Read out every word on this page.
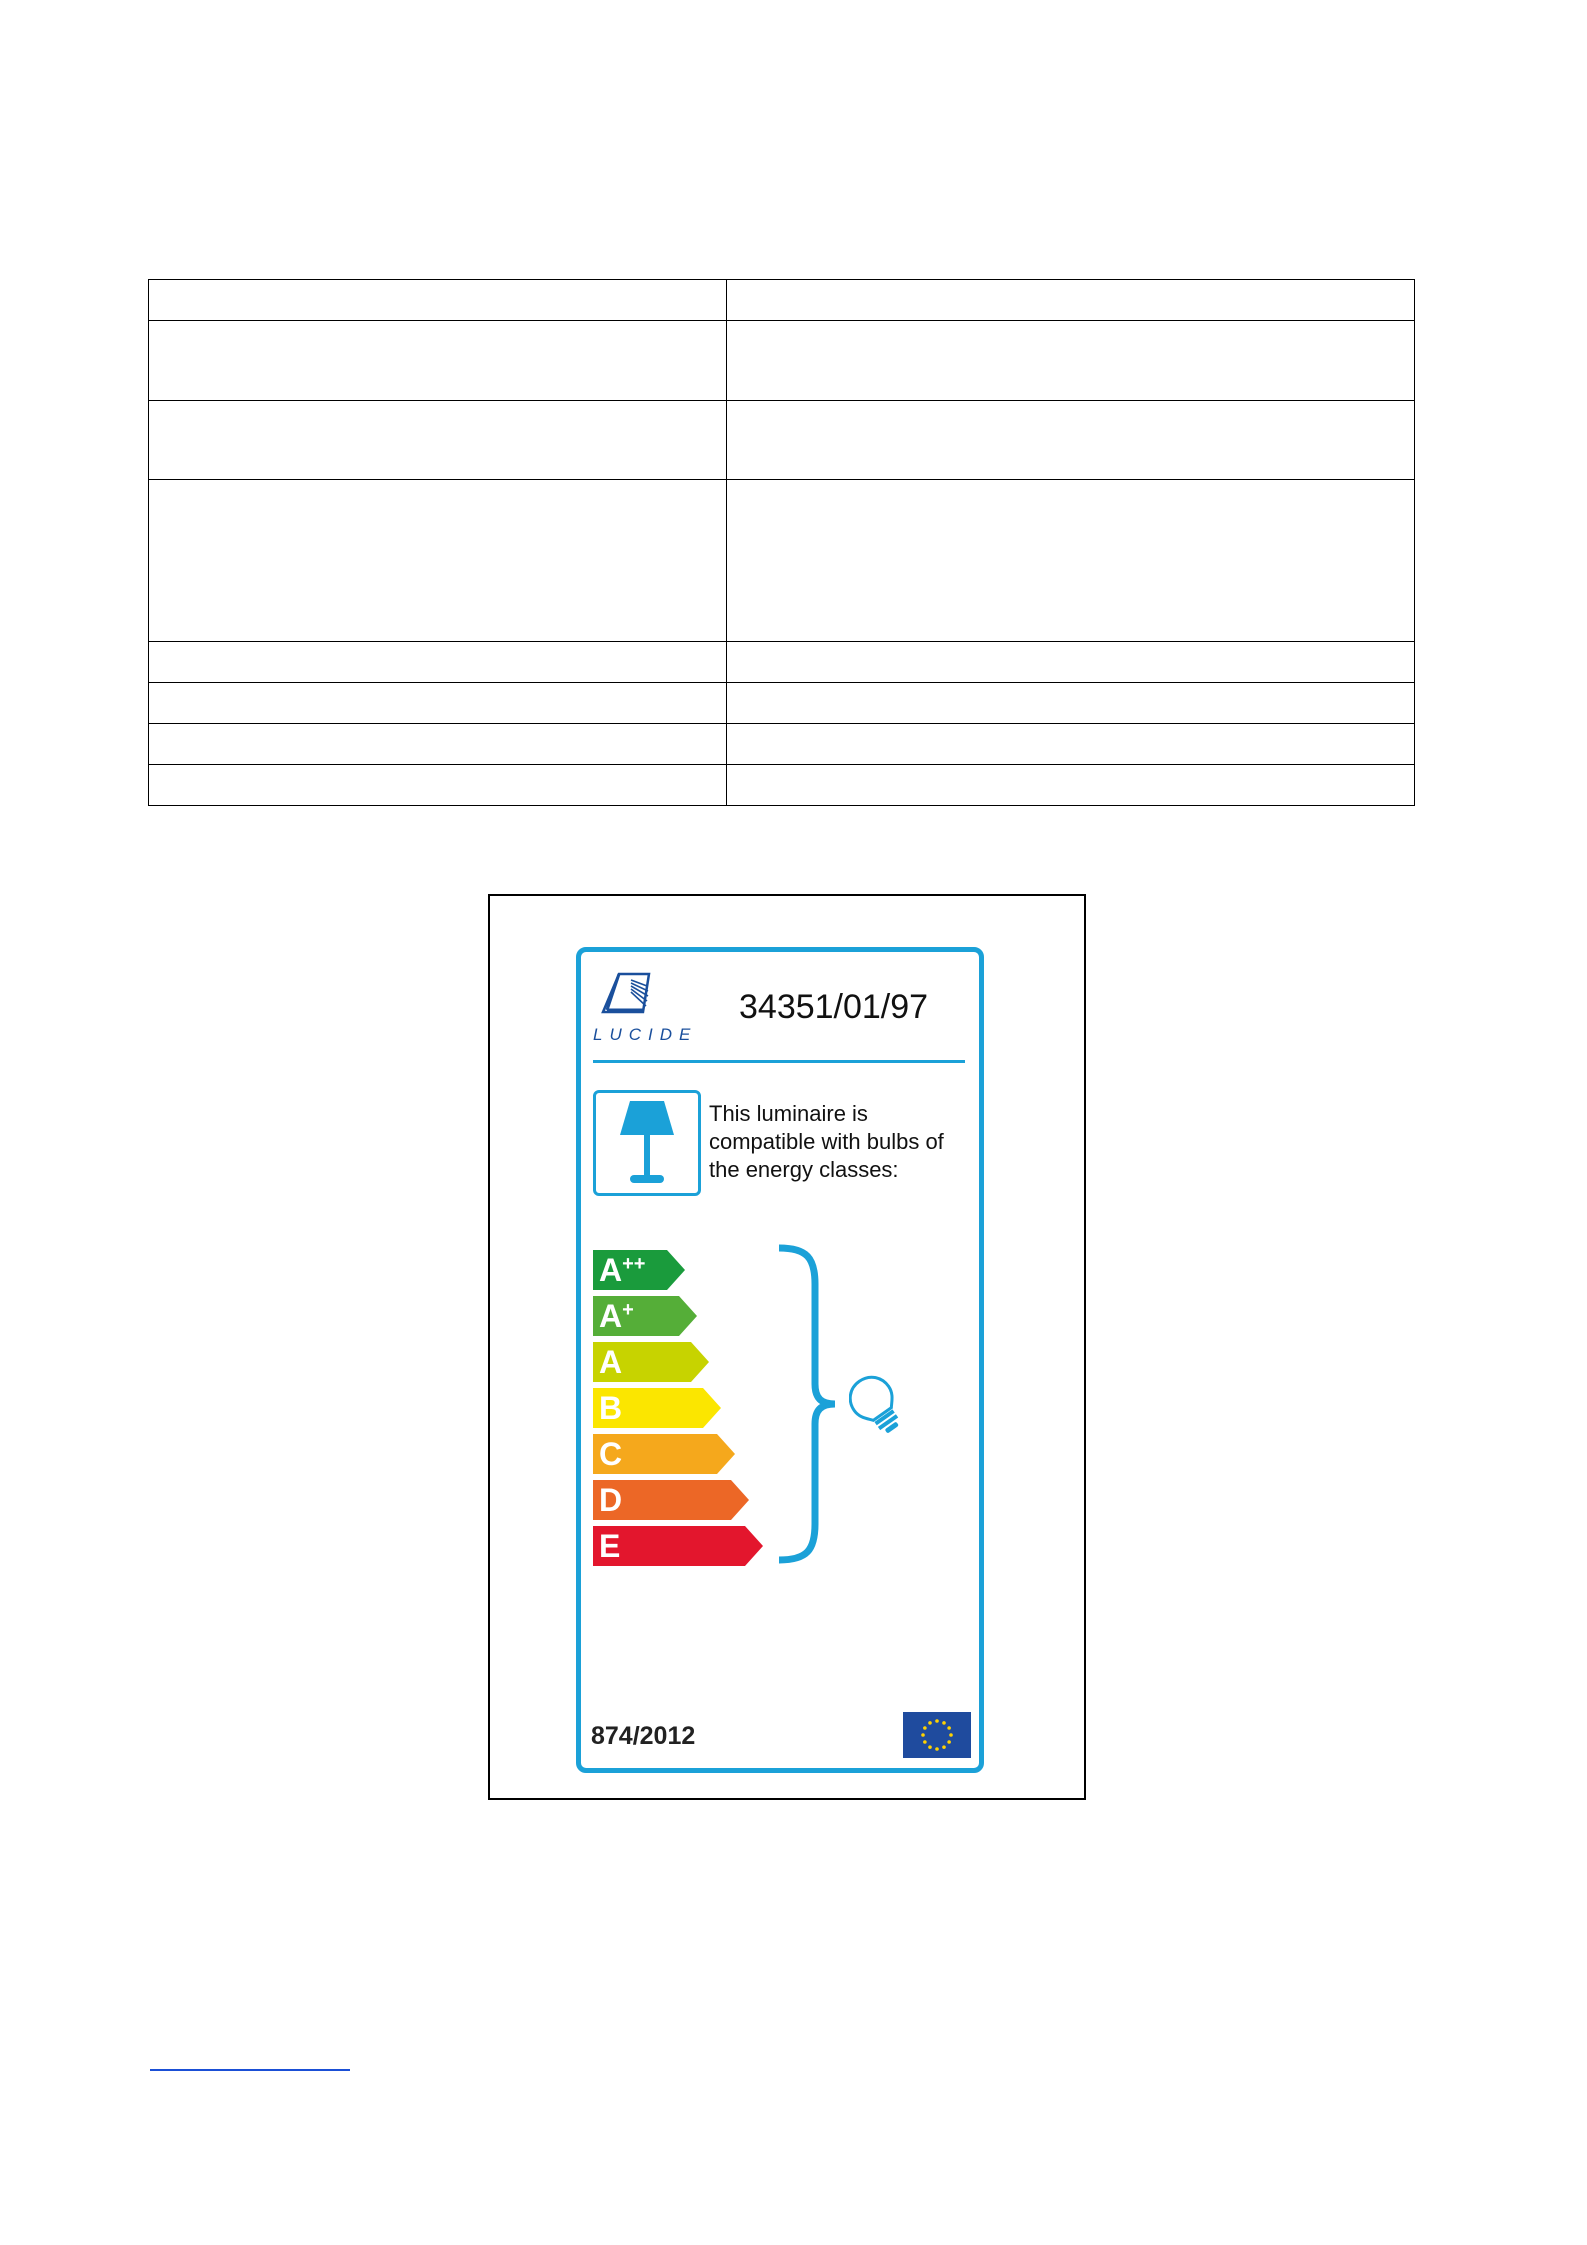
LUCIDE
34351/01/97
This luminaire is compatible with bulbs of the energy classes:
A++
A+
A
B
C
D
E
874/2012
